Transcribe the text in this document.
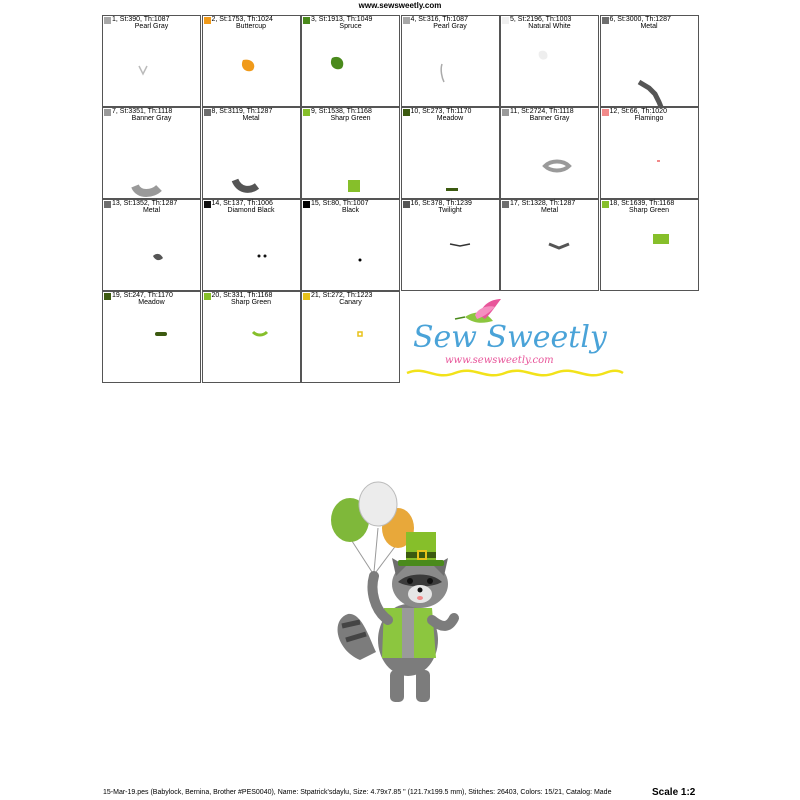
www.sewsweetly.com
1, St:390, Th:1087
Pearl Gray
2, St:1753, Th:1024
Buttercup
3, St:1913, Th:1049
Spruce
4, St:316, Th:1087
Pearl Gray
5, St:2196, Th:1003
Natural White
6, St:3000, Th:1287
Metal
7, St:3351, Th:1118
Banner Gray
8, St:3119, Th:1287
Metal
9, St:1538, Th:1168
Sharp Green
10, St:273, Th:1170
Meadow
11, St:2724, Th:1118
Banner Gray
12, St:66, Th:1020
Flamingo
13, St:1352, Th:1287
Metal
14, St:137, Th:1006
Diamond Black
15, St:80, Th:1007
Black
16, St:378, Th:1239
Twilight
17, St:1328, Th:1287
Metal
18, St:1639, Th:1168
Sharp Green
19, St:247, Th:1170
Meadow
20, St:331, Th:1168
Sharp Green
21, St:272, Th:1223
Canary
Sew Sweetly
www.sewsweetly.com
15-Mar-19.pes (Babylock, Bernina, Brother #PES0040), Name: Stpatrick'sdaylu, Size: 4.79x7.85 " (121.7x199.5 mm), Stitches: 26403, Colors: 15/21, Catalog: Made	Scale 1:2
